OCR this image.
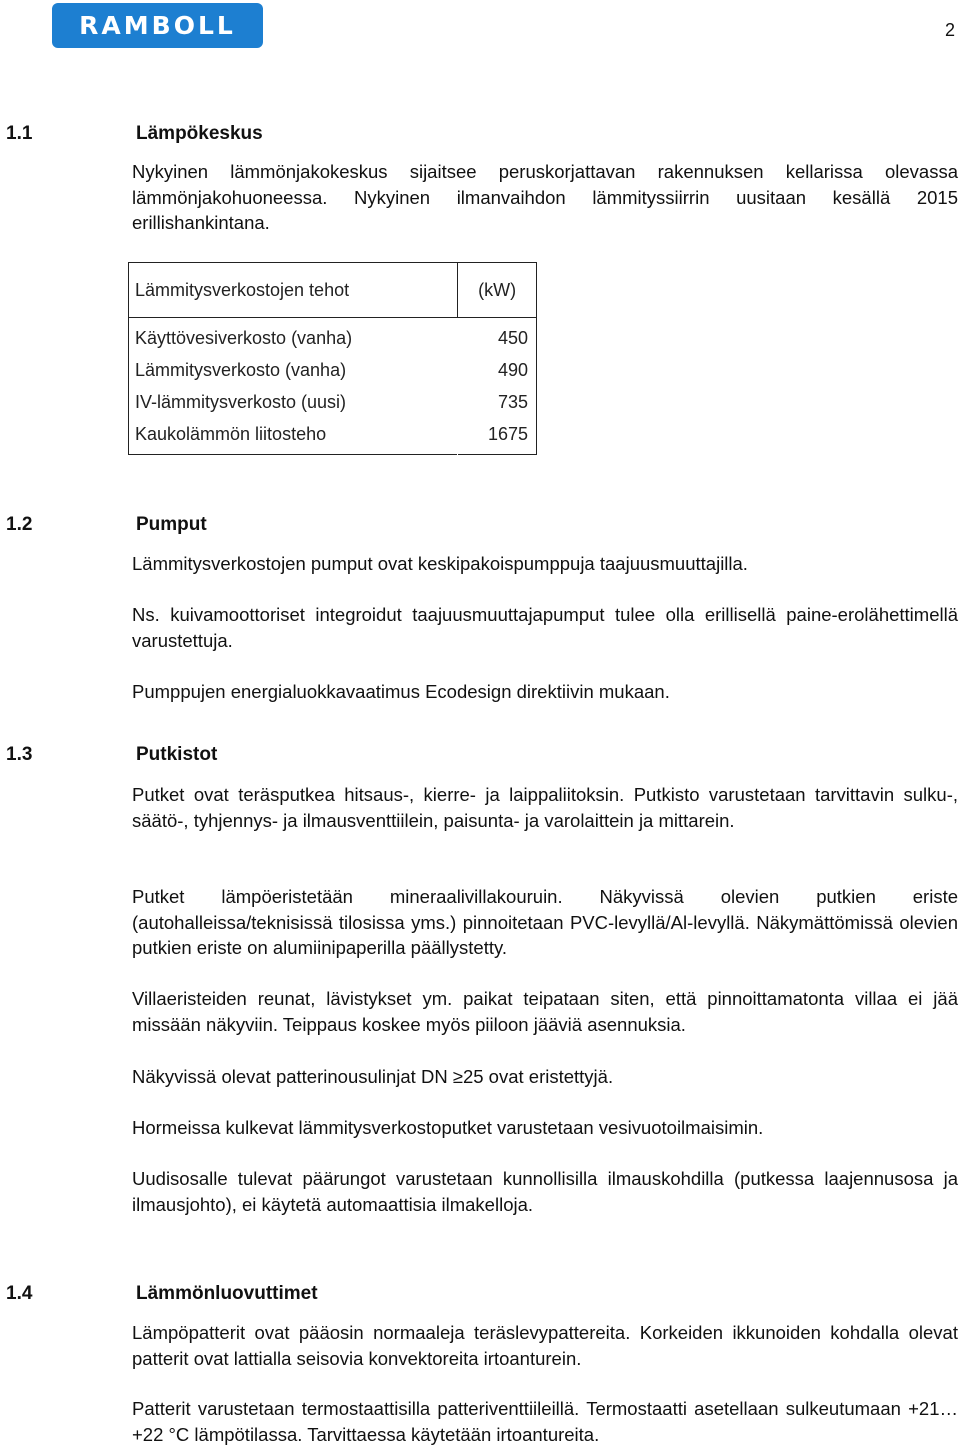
RAMBOLL	2
1.1	Lämpökeskus
Nykyinen lämmönjakokeskus sijaitsee peruskorjattavan rakennuksen kellarissa olevassa lämmönjakohuoneessa. Nykyinen ilmanvaihdon lämmityssiirrin uusitaan kesällä 2015 erillishankintana.
Lämmitysverkostojen tehot	(kW)
Käyttövesiverkosto (vanha)	450
Lämmitysverkosto (vanha)	490
IV-lämmitysverkosto (uusi)	735
Kaukolämmön liitosteho	1675
1.2	Pumput
Lämmitysverkostojen pumput ovat keskipakoispumppuja taajuusmuuttajilla.
Ns. kuivamoottoriset integroidut taajuusmuuttajapumput tulee olla erillisellä paine-erolähettimellä varustettuja.
Pumppujen energialuokkavaatimus Ecodesign direktiivin mukaan.
1.3	Putkistot
Putket ovat teräsputkea hitsaus-, kierre- ja laippaliitoksin. Putkisto varustetaan tarvittavin sulku-, säätö-, tyhjennys- ja ilmausventtiilein, paisunta- ja varolaittein ja mittarein.
Putket lämpöeristetään mineraalivillakouruin. Näkyvissä olevien putkien eriste (autohalleissa/teknisissä tilosissa yms.) pinnoitetaan PVC-levyllä/Al-levyllä. Näkymättömissä olevien putkien eriste on alumiinipaperilla päällystetty.
Villaeristeiden reunat, lävistykset ym. paikat teipataan siten, että pinnoittamatonta villaa ei jää missään näkyviin. Teippaus koskee myös piiloon jääviä asennuksia.
Näkyvissä olevat patterinousulinjat DN ≥25 ovat eristettyjä.
Hormeissa kulkevat lämmitysverkostoputket varustetaan vesivuotoilmaisimin.
Uudisosalle tulevat päärungot varustetaan kunnollisilla ilmauskohdilla (putkessa laajennusosa ja ilmausjohto), ei käytetä automaattisia ilmakelloja.
1.4	Lämmönluovuttimet
Lämpöpatterit ovat pääosin normaaleja teräslevypattereita. Korkeiden ikkunoiden kohdalla olevat patterit ovat lattialla seisovia konvektoreita irtoanturein.
Patterit varustetaan termostaattisilla patteriventtiileillä. Termostaatti asetellaan sulkeutumaan +21…+22 °C lämpötilassa. Tarvittaessa käytetään irtoantureita.
